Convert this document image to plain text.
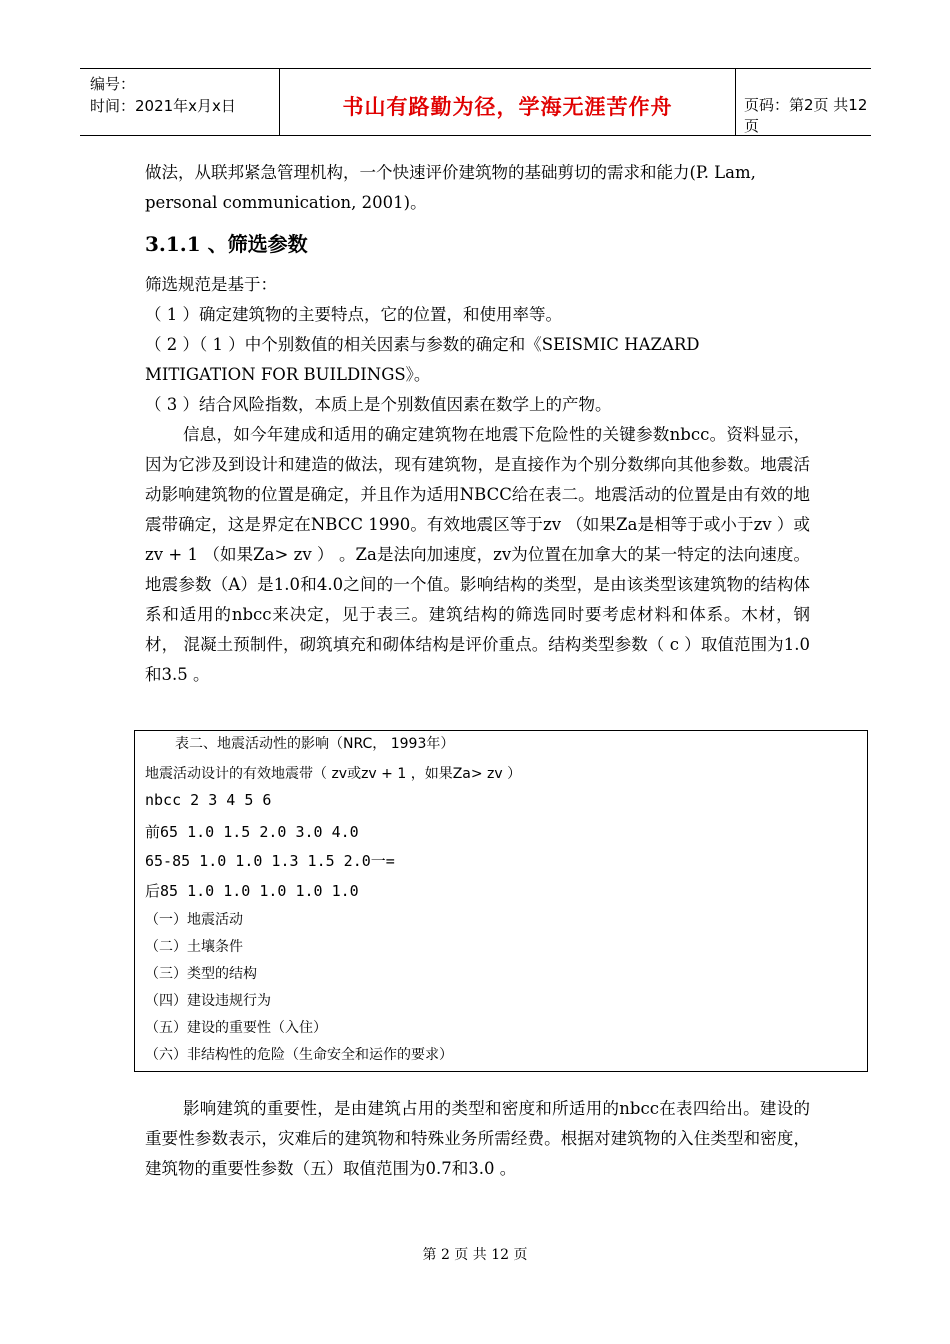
编号：
时间：2021年x月x日	书山有路勤为径，学海无涯苦作舟	页码：第2页 共12页
做法，从联邦紧急管理机构，一个快速评价建筑物的基础剪切的需求和能力(P. Lam, personal communication, 2001)。
3.1.1 、筛选参数
筛选规范是基于：
（ 1 ）确定建筑物的主要特点，它的位置，和使用率等。
（ 2 ）（ 1 ）中个别数值的相关因素与参数的确定和《SEISMIC HAZARD
MITIGATION FOR BUILDINGS》。
（ 3 ）结合风险指数，本质上是个别数值因素在数学上的产物。
信息，如今年建成和适用的确定建筑物在地震下危险性的关键参数nbcc。资料显示，因为它涉及到设计和建造的做法，现有建筑物，是直接作为个别分数绑向其他参数。地震活动影响建筑物的位置是确定，并且作为适用NBCC给在表二。地震活动的位置是由有效的地震带确定，这是界定在NBCC 1990。有效地震区等于zv （如果Za是相等于或小于zv ）或zv + 1 （如果Za> zv ） 。Za是法向加速度，zv为位置在加拿大的某一特定的法向速度。 地震参数（A）是1.0和4.0之间的一个值。影响结构的类型，是由该类型该建筑物的结构体系和适用的nbcc来决定，见于表三。建筑结构的筛选同时要考虑材料和体系。木材，钢材， 混凝土预制件，砌筑填充和砌体结构是评价重点。结构类型参数（ c ）取值范围为1.0和3.5 。
表二、地震活动性的影响（NRC， 1993年）
地震活动设计的有效地震带（ zv或zv + 1 ，如果Za> zv ）
nbcc 2 3 4 5 6
前65 1.0 1.5 2.0 3.0 4.0
65-85 1.0 1.0 1.3 1.5 2.0一=
后85 1.0 1.0 1.0 1.0 1.0
（一）地震活动
（二）土壤条件
（三）类型的结构
（四）建设违规行为
（五）建设的重要性（入住）
（六）非结构性的危险（生命安全和运作的要求）
影响建筑的重要性，是由建筑占用的类型和密度和所适用的nbcc在表四给出。建设的重要性参数表示，灾难后的建筑物和特殊业务所需经费。根据对建筑物的入住类型和密度，建筑物的重要性参数（五）取值范围为0.7和3.0 。
第 2 页 共 12 页
